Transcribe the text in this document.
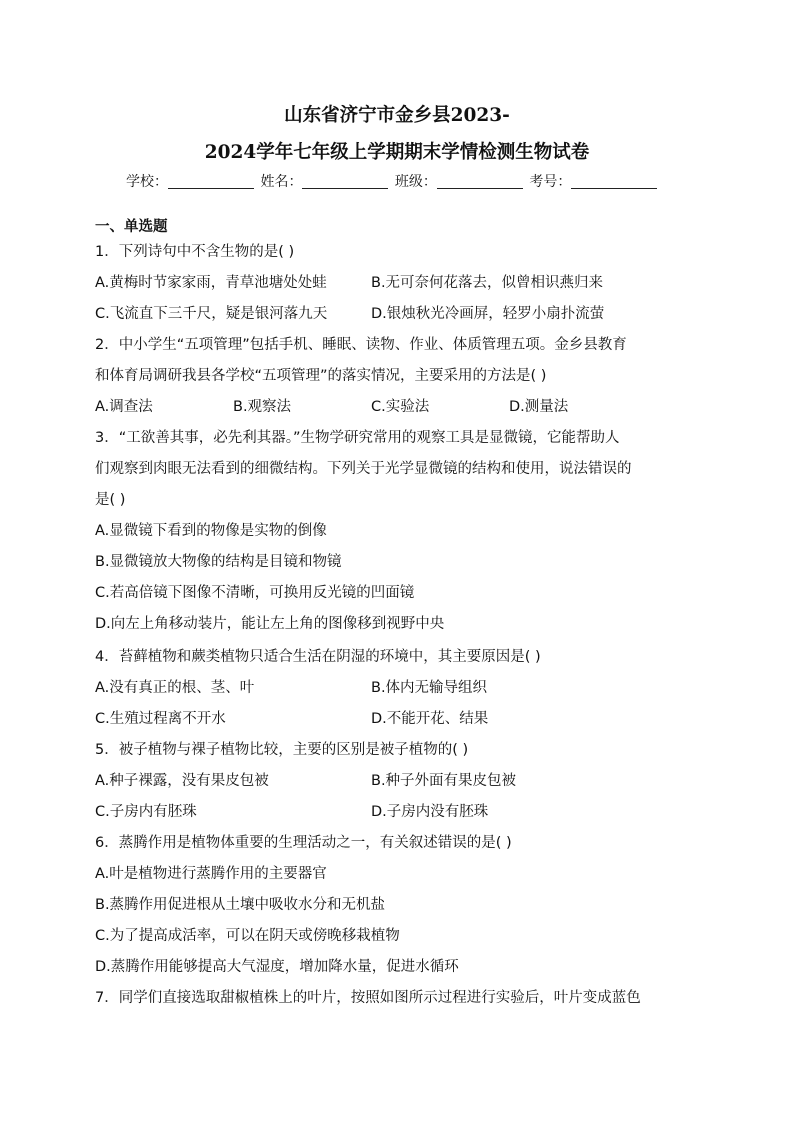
山东省济宁市金乡县2023-
2024学年七年级上学期期末学情检测生物试卷
学校：	姓名：	班级：	考号：
一、单选题
1．下列诗句中不含生物的是( )
A.黄梅时节家家雨，青草池塘处处蛙	B.无可奈何花落去，似曾相识燕归来
C.飞流直下三千尺，疑是银河落九天	D.银烛秋光冷画屏，轻罗小扇扑流萤
2．中小学生“五项管理”包括手机、睡眠、读物、作业、体质管理五项。金乡县教育
和体育局调研我县各学校“五项管理”的落实情况，主要采用的方法是( )
A.调查法	B.观察法	C.实验法	D.测量法
3．“工欲善其事，必先利其器。”生物学研究常用的观察工具是显微镜，它能帮助人
们观察到肉眼无法看到的细微结构。下列关于光学显微镜的结构和使用，说法错误的
是( )
A.显微镜下看到的物像是实物的倒像
B.显微镜放大物像的结构是目镜和物镜
C.若高倍镜下图像不清晰，可换用反光镜的凹面镜
D.向左上角移动装片，能让左上角的图像移到视野中央
4．苔藓植物和蕨类植物只适合生活在阴湿的环境中，其主要原因是( )
A.没有真正的根、茎、叶	B.体内无输导组织
C.生殖过程离不开水	D.不能开花、结果
5．被子植物与裸子植物比较，主要的区别是被子植物的( )
A.种子裸露，没有果皮包被	B.种子外面有果皮包被
C.子房内有胚珠	D.子房内没有胚珠
6．蒸腾作用是植物体重要的生理活动之一，有关叙述错误的是( )
A.叶是植物进行蒸腾作用的主要器官
B.蒸腾作用促进根从土壤中吸收水分和无机盐
C.为了提高成活率，可以在阴天或傍晚移栽植物
D.蒸腾作用能够提高大气湿度，增加降水量，促进水循环
7．同学们直接选取甜椒植株上的叶片，按照如图所示过程进行实验后，叶片变成蓝色
